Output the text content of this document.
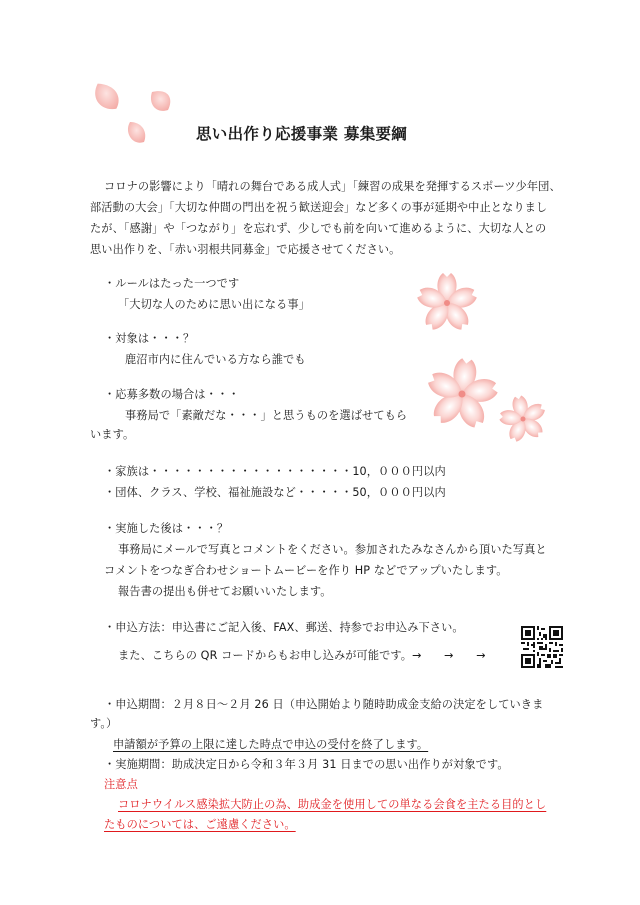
思い出作り応援事業 募集要綱
コロナの影響により「晴れの舞台である成人式」「練習の成果を発揮するスポーツ少年団、
部活動の大会」「大切な仲間の門出を祝う歓送迎会」など多くの事が延期や中止となりまし
たが、「感謝」や「つながり」を忘れず、少しでも前を向いて進めるように、大切な人との
思い出作りを、「赤い羽根共同募金」で応援させてください。
・ルールはたった一つです
「大切な人のために思い出になる事」
・対象は・・・？
鹿沼市内に住んでいる方なら誰でも
・応募多数の場合は・・・
事務局で「素敵だな・・・」と思うものを選ばせてもら
います。
・家族は・・・・・・・・・・・・・・・・・・10，０００円以内
・団体、クラス、学校、福祉施設など・・・・・50，０００円以内
・実施した後は・・・？
事務局にメールで写真とコメントをください。参加されたみなさんから頂いた写真と
コメントをつなぎ合わせショートムービーを作り HP などでアップいたします。
報告書の提出も併せてお願いいたします。
・申込方法：申込書にご記入後、FAX、郵送、持参でお申込み下さい。
また、こちらの QR コードからもお申し込みが可能です。→　　→　　→
・申込期間：２月８日～２月 26 日（申込開始より随時助成金支給の決定をしていきま
す。）
申請額が予算の上限に達した時点で申込の受付を終了します。
・実施期間：助成決定日から令和３年３月 31 日までの思い出作りが対象です。
注意点
コロナウイルス感染拡大防止の為、助成金を使用しての単なる会食を主たる目的とし
たものについては、ご遠慮ください。
